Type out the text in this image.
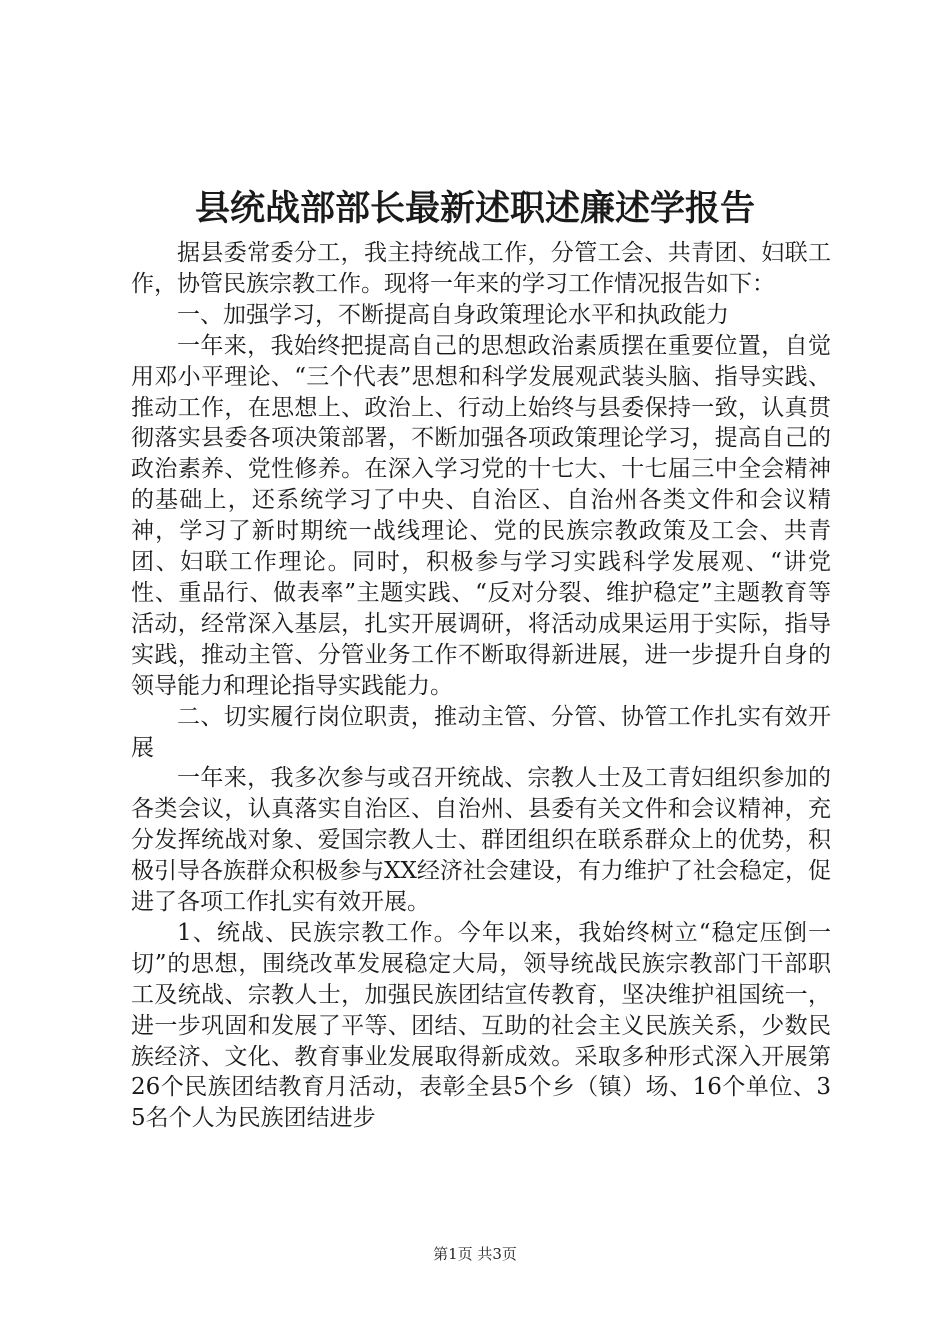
县统战部部长最新述职述廉述学报告

据县委常委分工，我主持统战工作，分管工会、共青团、妇联工作，协管民族宗教工作。现将一年来的学习工作情况报告如下：

一、加强学习，不断提高自身政策理论水平和执政能力

一年来，我始终把提高自己的思想政治素质摆在重要位置，自觉用邓小平理论、“三个代表”思想和科学发展观武装头脑、指导实践、推动工作，在思想上、政治上、行动上始终与县委保持一致，认真贯彻落实县委各项决策部署，不断加强各项政策理论学习，提高自己的政治素养、党性修养。在深入学习党的十七大、十七届三中全会精神的基础上，还系统学习了中央、自治区、自治州各类文件和会议精神，学习了新时期统一战线理论、党的民族宗教政策及工会、共青团、妇联工作理论。同时，积极参与学习实践科学发展观、“讲党性、重品行、做表率”主题实践、“反对分裂、维护稳定”主题教育等活动，经常深入基层，扎实开展调研，将活动成果运用于实际，指导实践，推动主管、分管业务工作不断取得新进展，进一步提升自身的领导能力和理论指导实践能力。

二、切实履行岗位职责，推动主管、分管、协管工作扎实有效开展

一年来，我多次参与或召开统战、宗教人士及工青妇组织参加的各类会议，认真落实自治区、自治州、县委有关文件和会议精神，充分发挥统战对象、爱国宗教人士、群团组织在联系群众上的优势，积极引导各族群众积极参与XX经济社会建设，有力维护了社会稳定，促进了各项工作扎实有效开展。

1、统战、民族宗教工作。今年以来，我始终树立“稳定压倒一切”的思想，围绕改革发展稳定大局，领导统战民族宗教部门干部职工及统战、宗教人士，加强民族团结宣传教育，坚决维护祖国统一，进一步巩固和发展了平等、团结、互助的社会主义民族关系，少数民族经济、文化、教育事业发展取得新成效。采取多种形式深入开展第26个民族团结教育月活动，表彰全县5个乡（镇）场、16个单位、35名个人为民族团结进步

第1页 共3页
